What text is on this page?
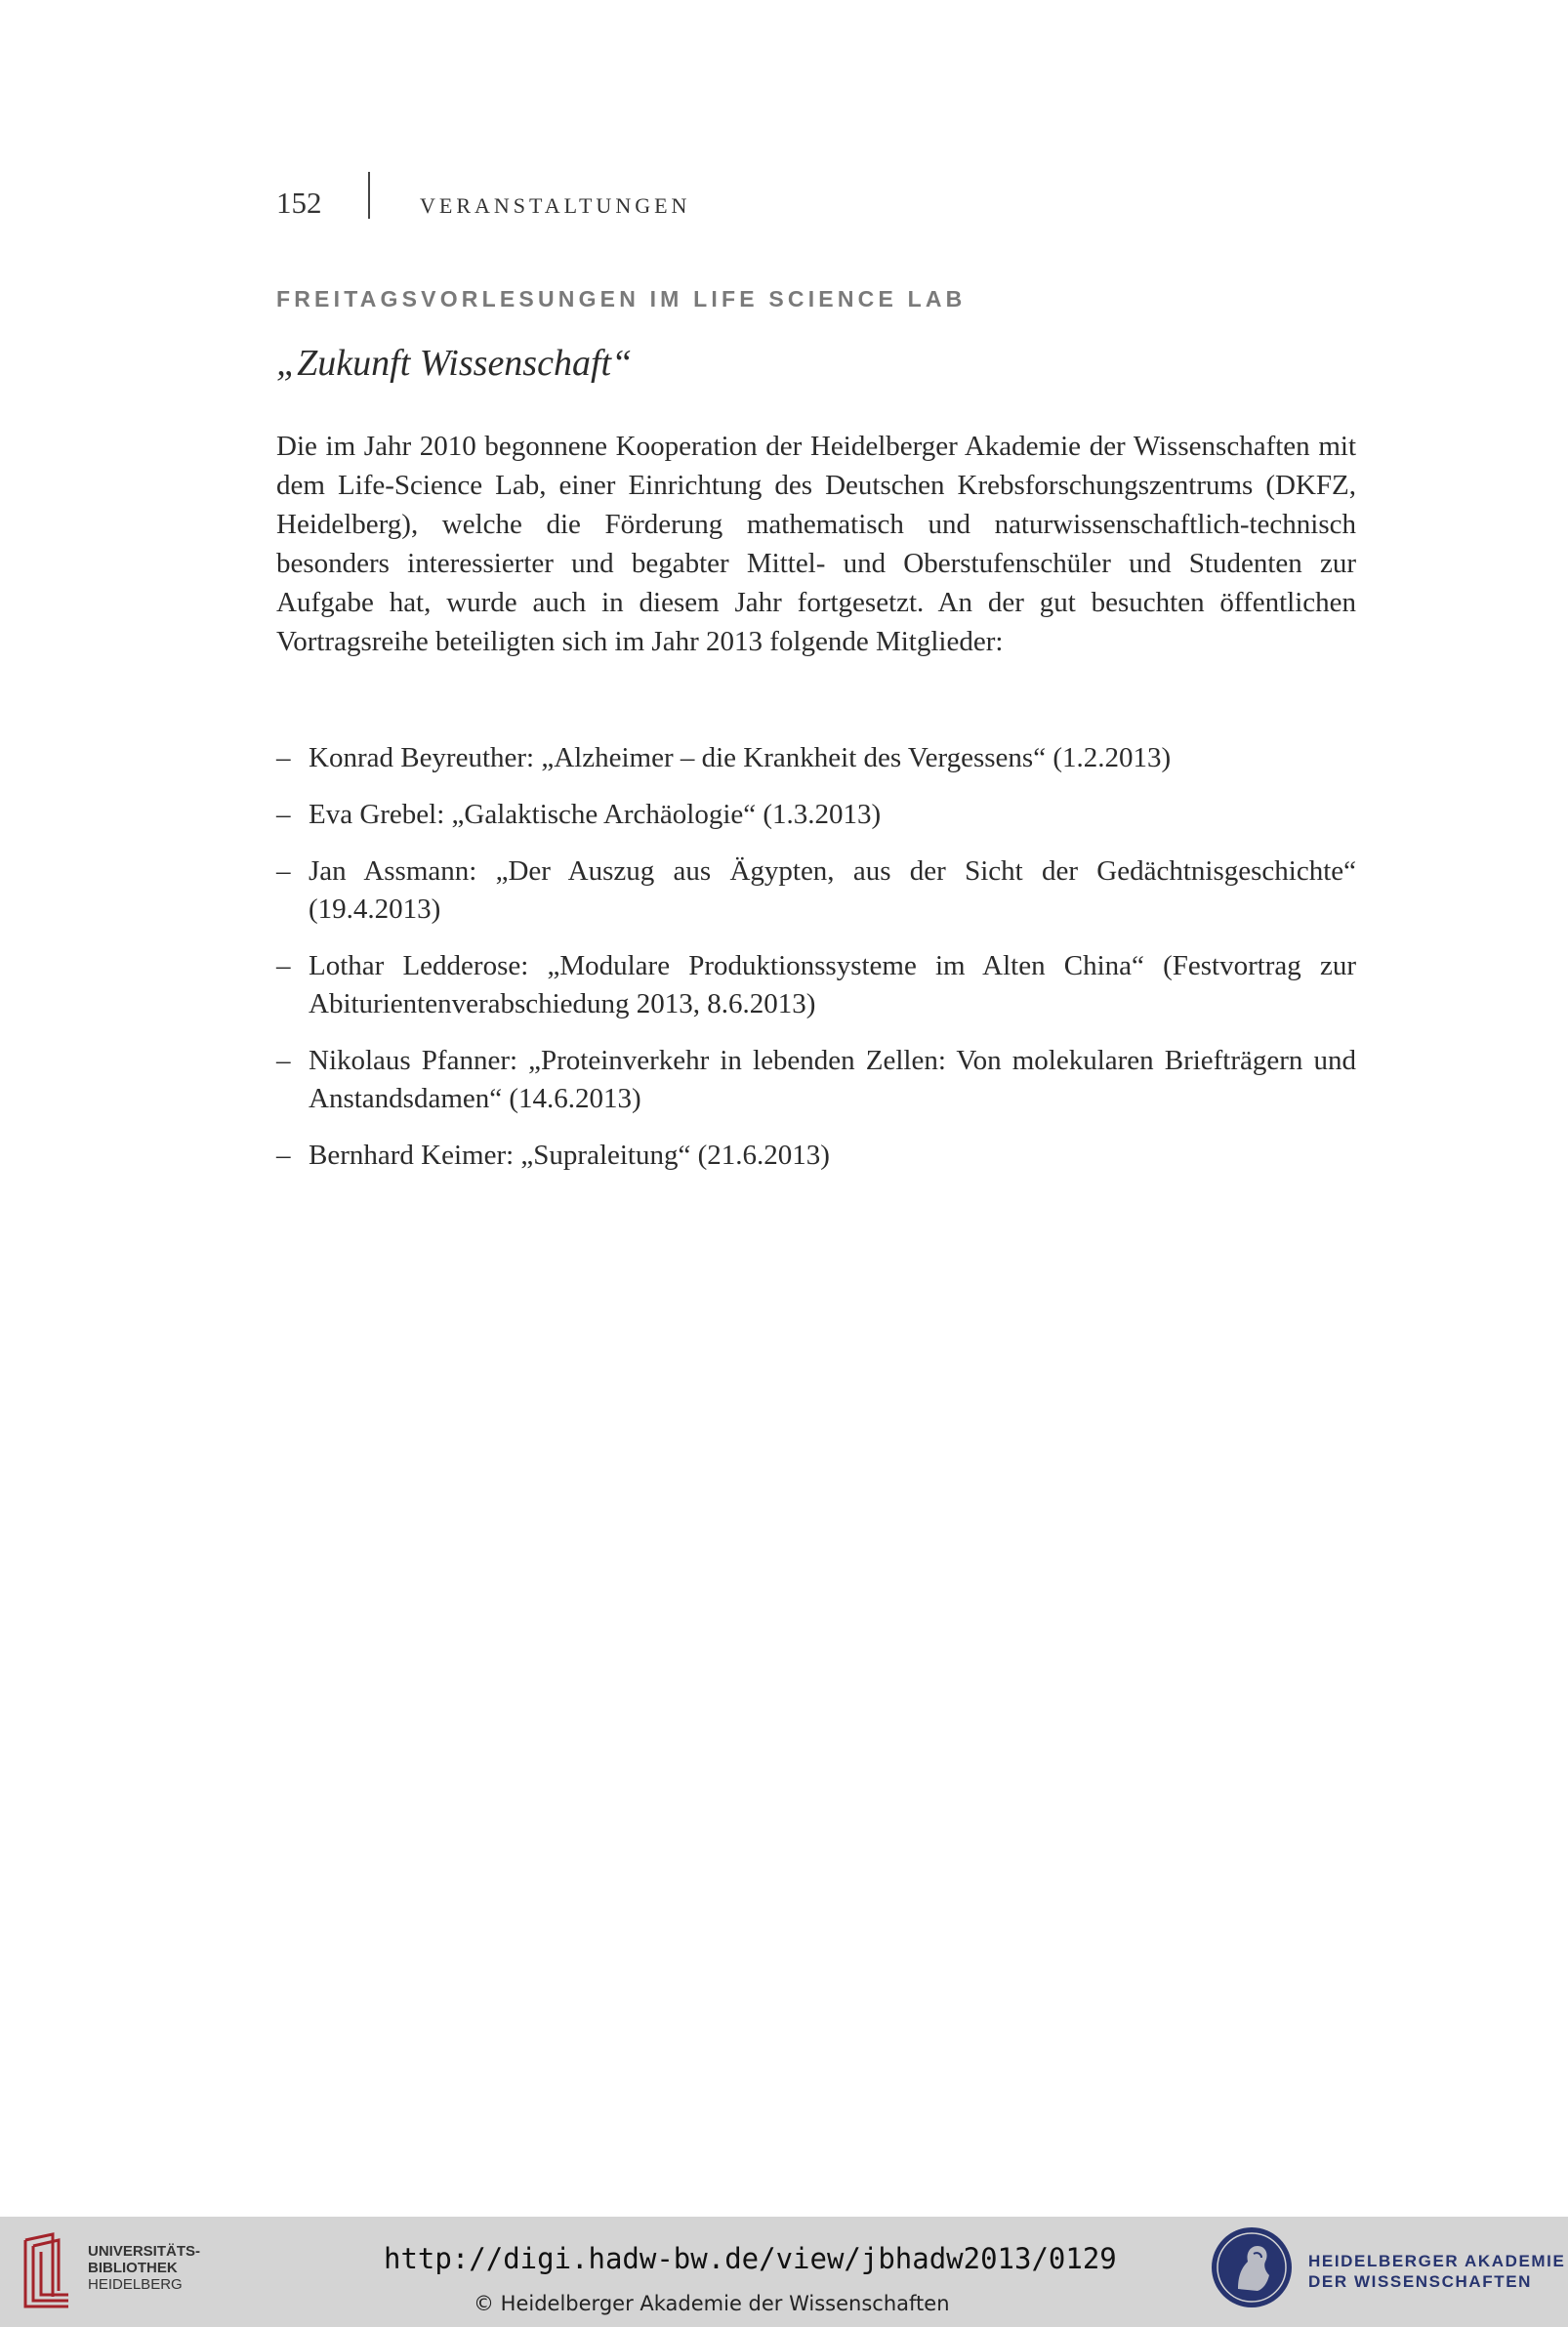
152	VERANSTALTUNGEN
FREITAGSVORLESUNGEN IM LIFE SCIENCE LAB
„Zukunft Wissenschaft“

Die im Jahr 2010 begonnene Kooperation der Heidelberger Akademie der Wissenschaften mit dem Life-Science Lab, einer Einrichtung des Deutschen Krebsforschungszentrums (DKFZ, Heidelberg), welche die Förderung mathematisch und naturwissenschaftlich-technisch besonders interessierter und begabter Mittel- und Oberstufenschüler und Studenten zur Aufgabe hat, wurde auch in diesem Jahr fortgesetzt. An der gut besuchten öffentlichen Vortragsreihe beteiligten sich im Jahr 2013 folgende Mitglieder:

– Konrad Beyreuther: „Alzheimer – die Krankheit des Vergessens“ (1.2.2013)
– Eva Grebel: „Galaktische Archäologie“ (1.3.2013)
– Jan Assmann: „Der Auszug aus Ägypten, aus der Sicht der Gedächtnisgeschichte“ (19.4.2013)
– Lothar Ledderose: „Modulare Produktionssysteme im Alten China“ (Festvortrag zur Abiturientenverabschiedung 2013, 8.6.2013)
– Nikolaus Pfanner: „Proteinverkehr in lebenden Zellen: Von molekularen Briefträgern und Anstandsdamen“ (14.6.2013)
– Bernhard Keimer: „Supraleitung“ (21.6.2013)
UNIVERSITÄTS-
BIBLIOTHEK
HEIDELBERG
http://digi.hadw-bw.de/view/jbhadw2013/0129
© Heidelberger Akademie der Wissenschaften
HEIDELBERGER AKADEMIE
DER WISSENSCHAFTEN
